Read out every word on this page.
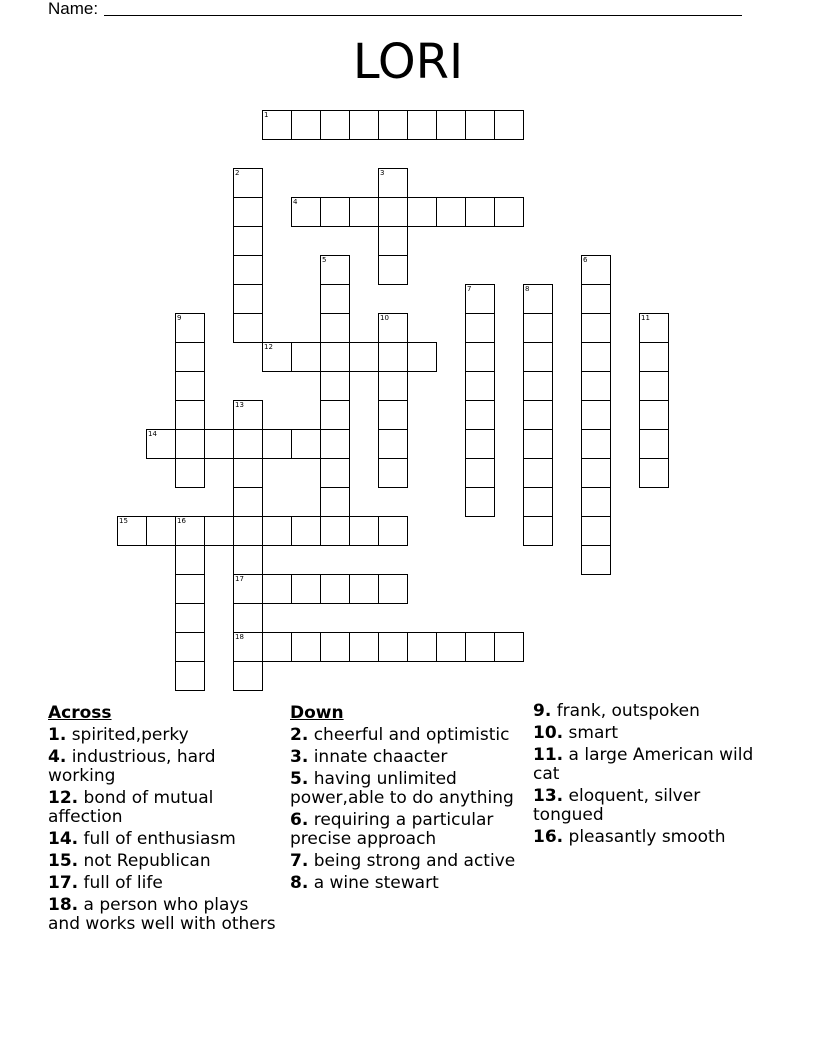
Name:
LORI
1
2	3
4
5	6
7	8
9	10	11
12
13
17
18
14
15	16
Across
1. spirited,perky
4. industrious, hard working
12. bond of mutual affection
14. full of enthusiasm
15. not Republican
17. full of life
18. a person who plays and works well with others
Down
2. cheerful and optimistic
3. innate chaacter
5. having unlimited power,able to do anything
6. requiring a particular precise approach
7. being strong and active
8. a wine stewart
9. frank, outspoken
10. smart
11. a large American wild cat
13. eloquent, silver tongued
16. pleasantly smooth
